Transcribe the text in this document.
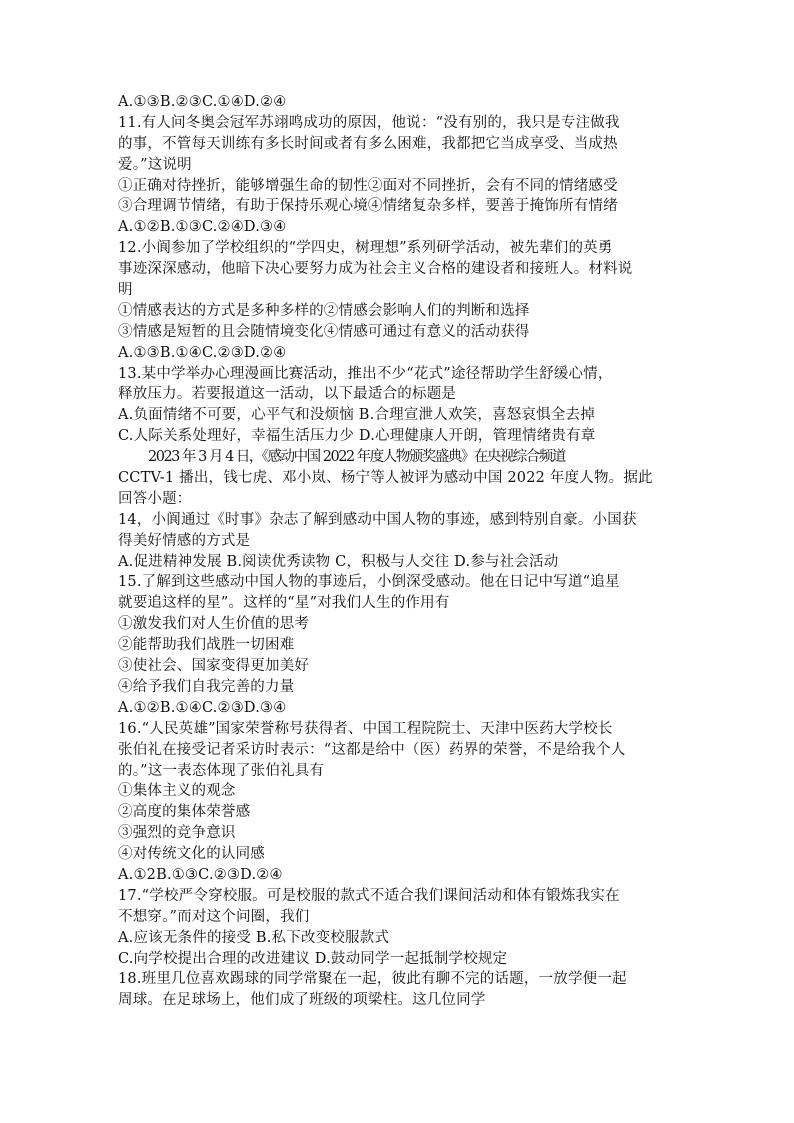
A.①③B.②③C.①④D.②④
11.有人问冬奥会冠军苏翊鸣成功的原因，他说：“没有别的，我只是专注做我
的事，不管每天训练有多长时间或者有多么困难，我都把它当成享受、当成热
爱。”这说明
①正确对待挫折，能够增强生命的韧性②面对不同挫折，会有不同的情绪感受
③合理调节情绪，有助于保持乐观心境④情绪复杂多样，要善于掩饰所有情绪
A.①②B.①③C.②④D.③④
12.小阆参加了学校组织的“学四史，树理想”系列研学活动，被先辈们的英勇
事迹深深感动，他暗下决心要努力成为社会主义合格的建设者和接班人。材料说
明
①情感表达的方式是多种多样的②情感会影响人们的判断和选择
③情感是短暂的且会随情境变化④情感可通过有意义的活动获得
A.①③B.①④C.②③D.②④
13.某中学举办心理漫画比赛活动，推出不少“花式”途径帮助学生舒缓心情，
释放压力。若要报道这一活动，以下最适合的标题是
A.负面情绪不可要，心平气和没烦恼 B.合理宣泄人欢笑，喜怒哀惧全去掉
C.人际关系处理好，幸福生活压力少 D.心理健康人开朗，管理情绪贵有章
2023 年 3 月 4 日，《感动中国 2022 年度人物颁奖盛典》在央视综合频道
CCTV-1 播出，钱七虎、邓小岚、杨宁等人被评为感动中国 2022 年度人物。据此
回答小题：
14，小阆通过《时事》杂志了解到感动中国人物的事迹，感到特别自豪。小国获
得美好情感的方式是
A.促进精神发展 B.阅读优秀读物 C，积极与人交往 D.参与社会活动
15.了解到这些感动中国人物的事迹后，小倒深受感动。他在日记中写道“追星
就要追这样的星”。这样的“星”对我们人生的作用有
①激发我们对人生价值的思考
②能帮助我们战胜一切困难
③使社会、国家变得更加美好
④给予我们自我完善的力量
A.①②B.①④C.②③D.③④
16.“人民英雄”国家荣誉称号获得者、中国工程院院士、天津中医药大学校长
张伯礼在接受记者采访时表示：“这都是给中（医）药界的荣誉，不是给我个人
的。”这一表态体现了张伯礼具有
①集体主义的观念
②高度的集体荣誉感
③强烈的竞争意识
④对传统文化的认同感
A.①2B.①③C.②③D.②④
17.“学校严令穿校服。可是校服的款式不适合我们课间活动和体有锻炼我实在
不想穿。”而对这个问圈，我们
A.应该无条件的接受 B.私下改变校服款式
C.向学校提出合理的改进建议 D.鼓动同学一起抵制学校规定
18.班里几位喜欢踢球的同学常聚在一起，彼此有聊不完的话题，一放学便一起
周球。在足球场上，他们成了班级的项梁柱。这几位同学
